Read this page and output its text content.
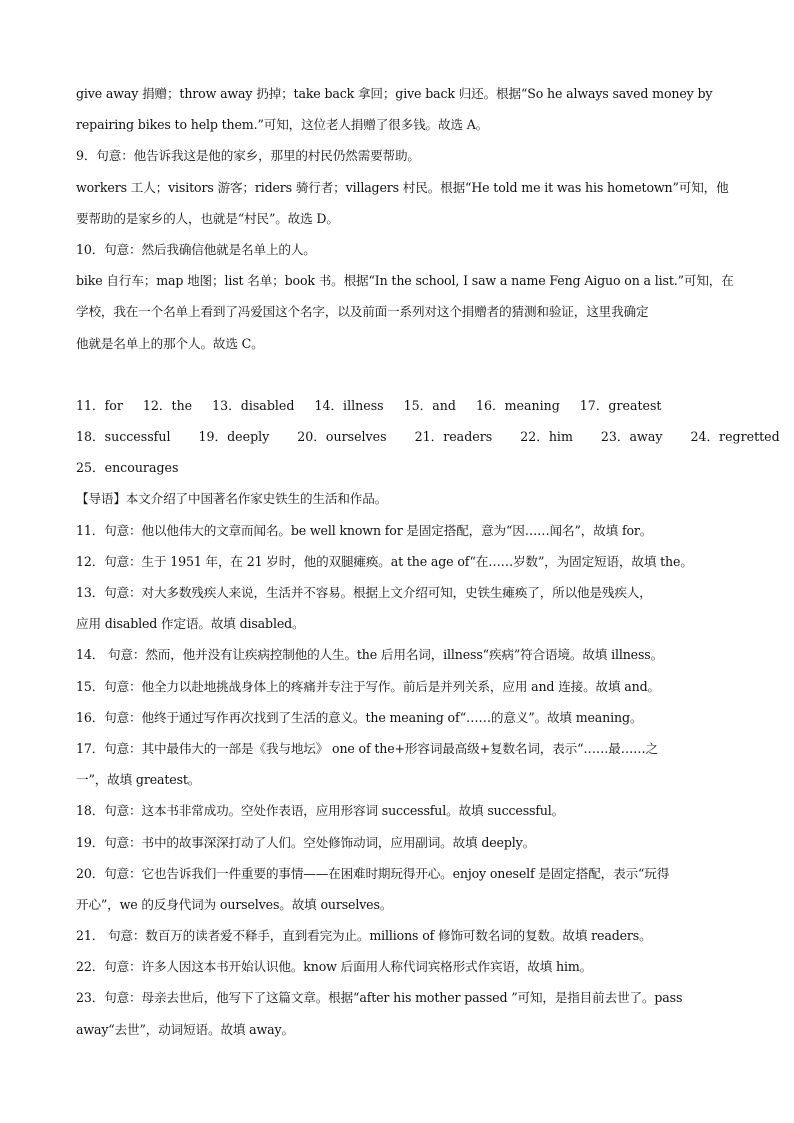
give away 捐赠；throw away 扔掉；take back 拿回；give back 归还。根据“So he always saved money by
repairing bikes to help them.”可知，这位老人捐赠了很多钱。故选 A。
9．句意：他告诉我这是他的家乡，那里的村民仍然需要帮助。
workers 工人；visitors 游客；riders 骑行者；villagers 村民。根据“He told me it was his hometown”可知，他
要帮助的是家乡的人，也就是“村民”。故选 D。
10．句意：然后我确信他就是名单上的人。
bike 自行车；map 地图；list 名单；book 书。根据“In the school, I saw a name Feng Aiguo on a list.”可知，在
学校，我在一个名单上看到了冯爱国这个名字，以及前面一系列对这个捐赠者的猜测和验证，这里我确定
他就是名单上的那个人。故选 C。
11．for 12．the 13．disabled 14．illness 15．and 16．meaning 17．greatest
18．successful 19．deeply 20．ourselves 21．readers 22．him 23．away 24．regretted
25．encourages
【导语】本文介绍了中国著名作家史铁生的生活和作品。
11．句意：他以他伟大的文章而闻名。be well known for 是固定搭配，意为“因……闻名”，故填 for。
12．句意：生于 1951 年，在 21 岁时，他的双腿瘫痪。at the age of“在……岁数”，为固定短语，故填 the。
13．句意：对大多数残疾人来说，生活并不容易。根据上文介绍可知，史铁生瘫痪了，所以他是残疾人，
应用 disabled 作定语。故填 disabled。
14． 句意：然而，他并没有让疾病控制他的人生。the 后用名词，illness“疾病”符合语境。故填 illness。
15．句意：他全力以赴地挑战身体上的疼痛并专注于写作。前后是并列关系，应用 and 连接。故填 and。
16．句意：他终于通过写作再次找到了生活的意义。the meaning of“……的意义”。故填 meaning。
17．句意：其中最伟大的一部是《我与地坛》 one of the+形容词最高级+复数名词，表示“……最……之
一”，故填 greatest。
18．句意：这本书非常成功。空处作表语，应用形容词 successful。故填 successful。
19．句意：书中的故事深深打动了人们。空处修饰动词，应用副词。故填 deeply。
20．句意：它也告诉我们一件重要的事情——在困难时期玩得开心。enjoy oneself 是固定搭配，表示“玩得
开心”，we 的反身代词为 ourselves。故填 ourselves。
21． 句意：数百万的读者爱不释手，直到看完为止。millions of 修饰可数名词的复数。故填 readers。
22．句意：许多人因这本书开始认识他。know 后面用人称代词宾格形式作宾语，故填 him。
23．句意：母亲去世后，他写下了这篇文章。根据“after his mother passed ”可知，是指目前去世了。pass
away“去世”，动词短语。故填 away。
